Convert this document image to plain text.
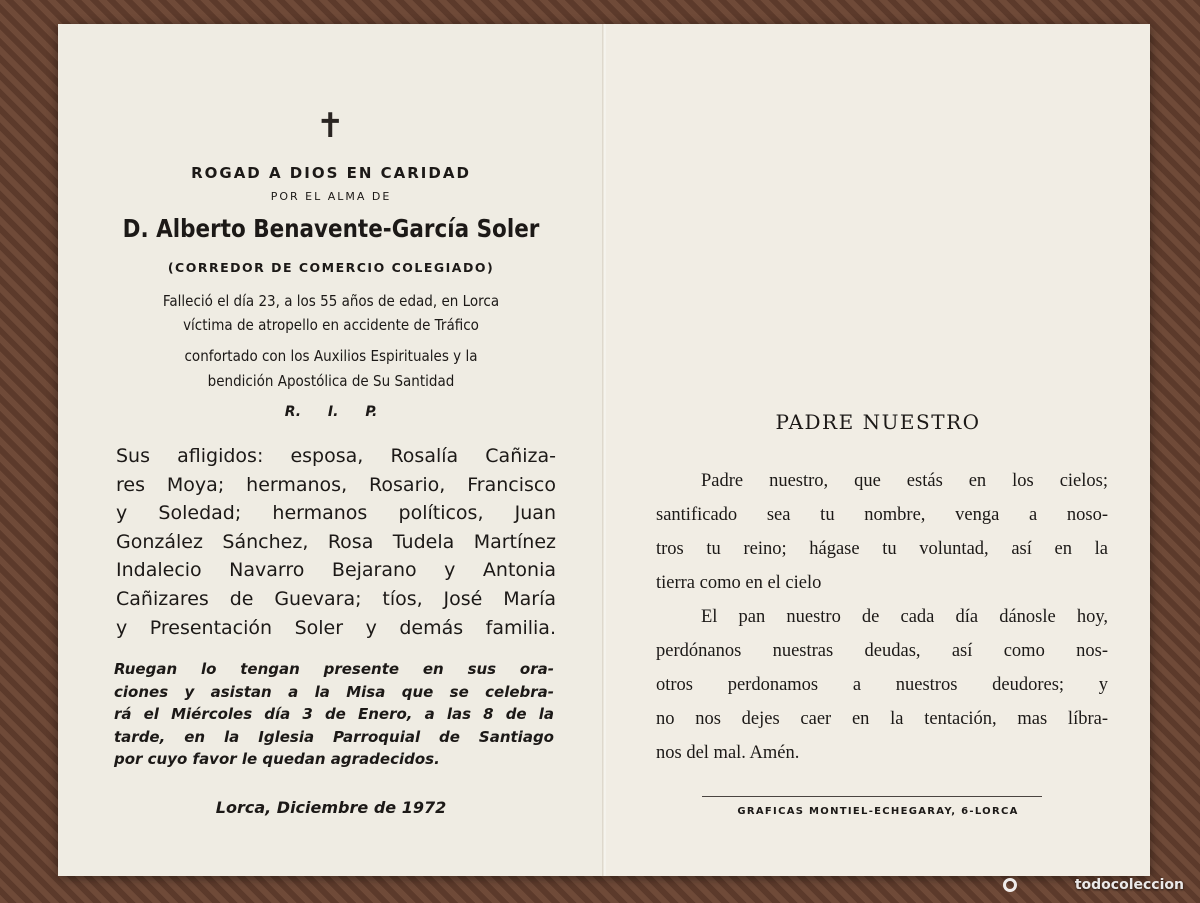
✝
ROGAD A DIOS EN CARIDAD
POR EL ALMA DE
D. Alberto Benavente-García Soler
(CORREDOR DE COMERCIO COLEGIADO)
Falleció el día 23, a los 55 años de edad, en Lorca
víctima de atropello en accidente de Tráfico
confortado con los Auxilios Espirituales y la
bendición Apostólica de Su Santidad
R. I. P.
Sus afligidos: esposa, Rosalía Cañiza-
res Moya; hermanos, Rosario, Francisco
y Soledad; hermanos políticos, Juan
González Sánchez, Rosa Tudela Martínez
Indalecio Navarro Bejarano y Antonia
Cañizares de Guevara; tíos, José María
y Presentación Soler y demás familia.
Ruegan lo tengan presente en sus ora-
ciones y asistan a la Misa que se celebra-
rá el Miércoles día 3 de Enero, a las 8 de la
tarde, en la Iglesia Parroquial de Santiago
por cuyo favor le quedan agradecidos.
Lorca, Diciembre de 1972
PADRE NUESTRO
Padre nuestro, que estás en los cielos;
santificado sea tu nombre, venga a noso-
tros tu reino; hágase tu voluntad, así en la
tierra como en el cielo
El pan nuestro de cada día dánosle hoy,
perdónanos nuestras deudas, así como nos-
otros perdonamos a nuestros deudores; y
no nos dejes caer en la tentación, mas líbra-
nos del mal. Amén.
GRAFICAS MONTIEL-ECHEGARAY, 6-LORCA
todocoleccion
